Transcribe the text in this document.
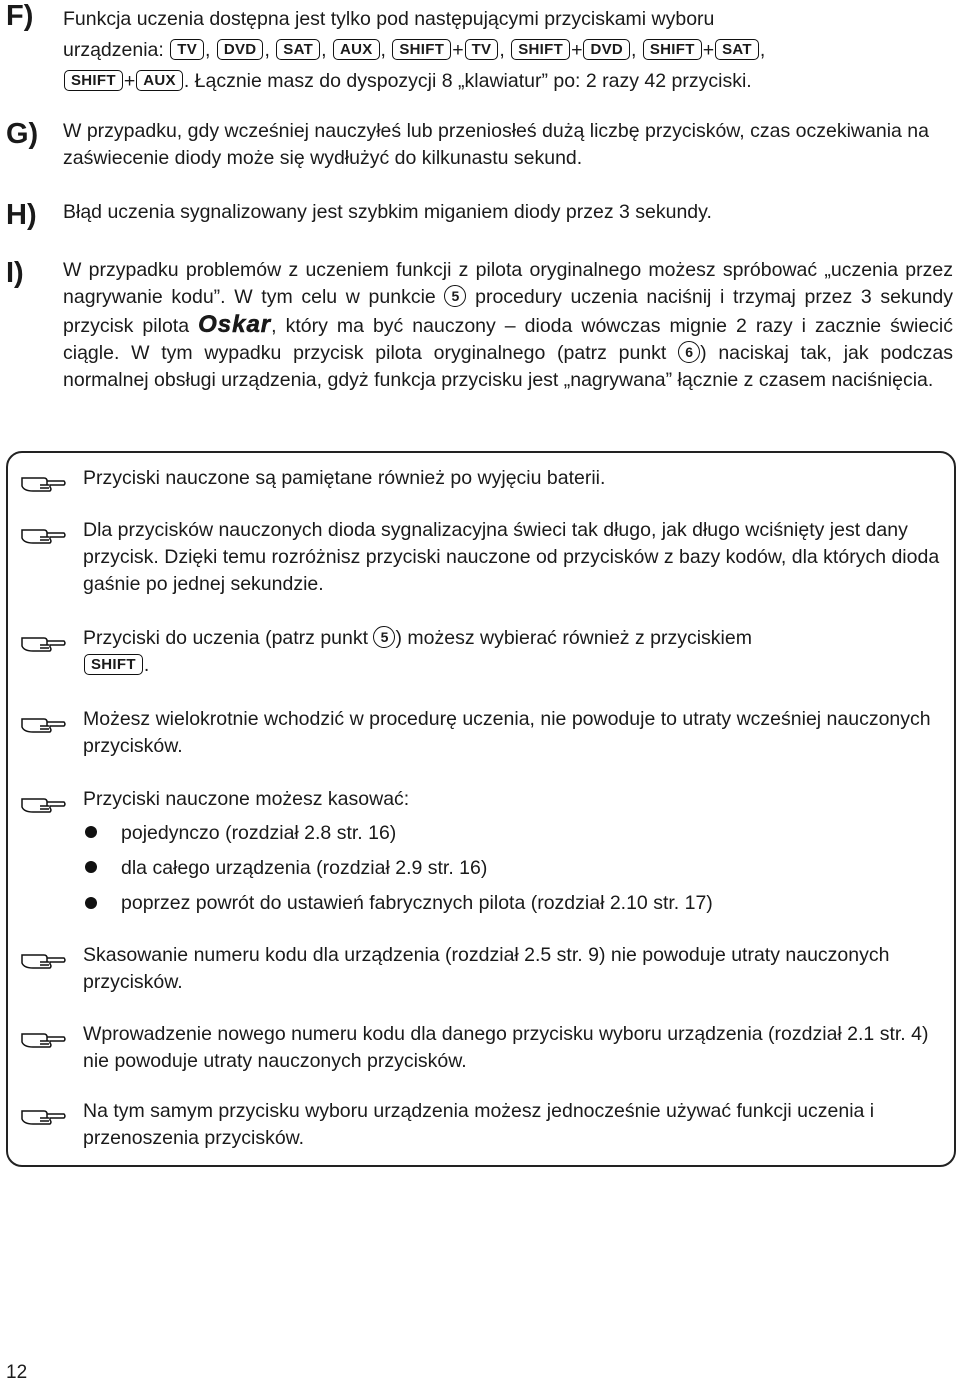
F) Funkcja uczenia dostępna jest tylko pod następującymi przyciskami wyboru
urządzenia: TV , DVD , SAT , AUX , SHIFT + TV , SHIFT + DVD , SHIFT + SAT ,
SHIFT + AUX . Łącznie masz do dyspozycji 8 „klawiatur” po: 2 razy 42 przyciski.
G) W przypadku, gdy wcześniej nauczyłeś lub przeniosłeś dużą liczbę przycisków, czas oczekiwania na zaświecenie diody może się wydłużyć do kilkunastu sekund.
H) Błąd uczenia sygnalizowany jest szybkim miganiem diody przez 3 sekundy.
I) W przypadku problemów z uczeniem funkcji z pilota oryginalnego możesz spróbować „uczenia przez nagrywanie kodu”. W tym celu w punkcie 5 procedury uczenia naciśnij i trzymaj przez 3 sekundy przycisk pilota Oskar, który ma być nauczony – dioda wówczas mignie 2 razy i zacznie świecić ciągle. W tym wypadku przycisk pilota oryginalnego (patrz punkt 6 ) naciskaj tak, jak podczas normalnej obsługi urządzenia, gdyż funkcja przycisku jest „nagrywana” łącznie z czasem naciśnięcia.
Przyciski nauczone są pamiętane również po wyjęciu baterii.
Dla przycisków nauczonych dioda sygnalizacyjna świeci tak długo, jak długo wciśnięty jest dany przycisk. Dzięki temu rozróżnisz przyciski nauczone od przycisków z bazy kodów, dla których dioda gaśnie po jednej sekundzie.
Przyciski do uczenia (patrz punkt 5 ) możesz wybierać również z przyciskiem
SHIFT .
Możesz wielokrotnie wchodzić w procedurę uczenia, nie powoduje to utraty wcześniej nauczonych przycisków.
Przyciski nauczone możesz kasować:
pojedynczo (rozdział 2.8 str. 16)
dla całego urządzenia (rozdział 2.9 str. 16)
poprzez powrót do ustawień fabrycznych pilota (rozdział 2.10 str. 17)
Skasowanie numeru kodu dla urządzenia (rozdział 2.5 str. 9) nie powoduje utraty nauczonych przycisków.
Wprowadzenie nowego numeru kodu dla danego przycisku wyboru urządzenia (rozdział 2.1 str. 4) nie powoduje utraty nauczonych przycisków.
Na tym samym przycisku wyboru urządzenia możesz jednocześnie używać funkcji uczenia i przenoszenia przycisków.
12
